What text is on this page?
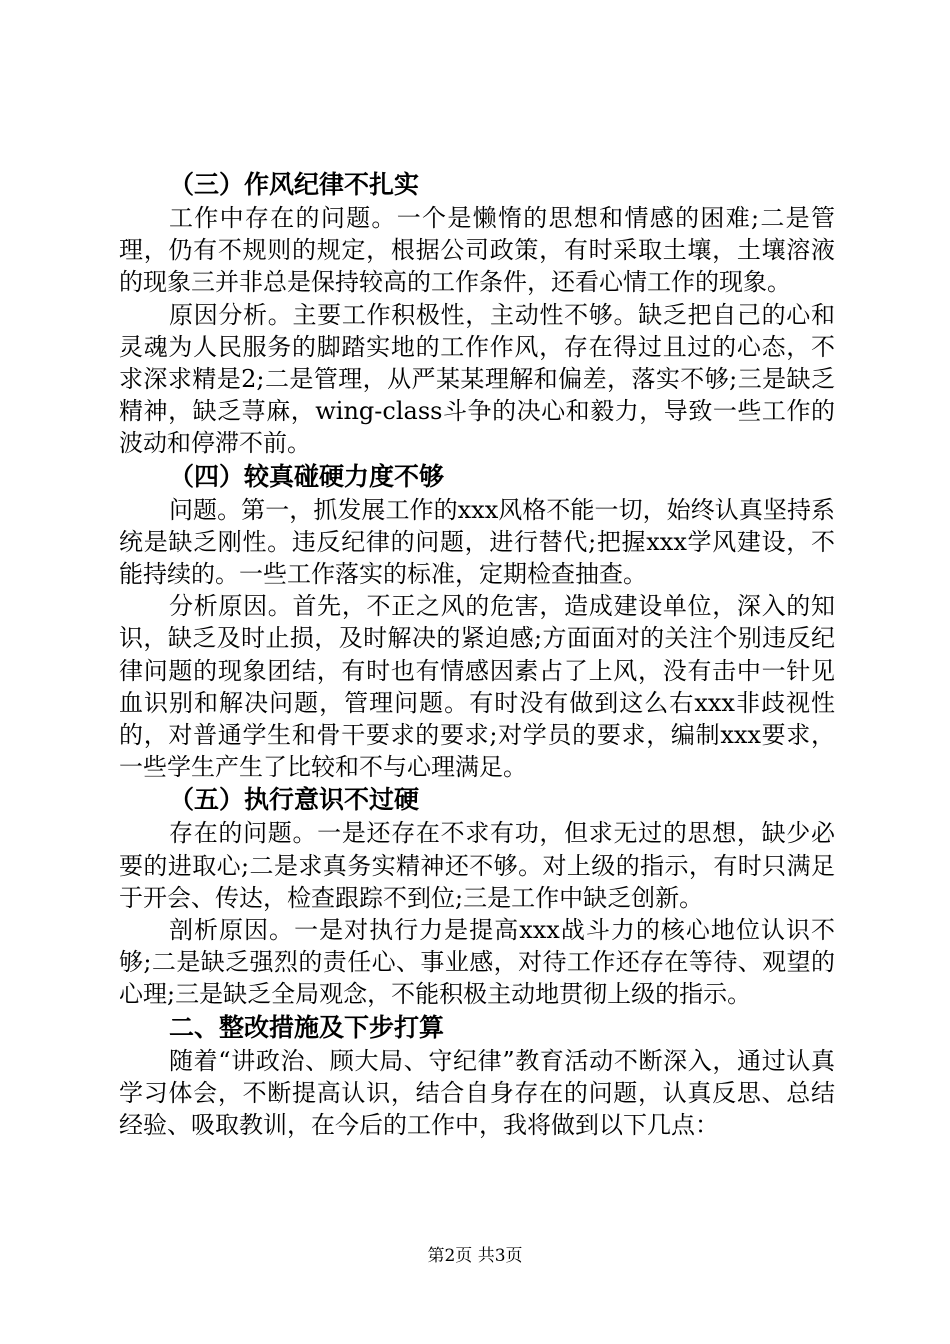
（三）作风纪律不扎实

工作中存在的问题。一个是懒惰的思想和情感的困难;二是管理，仍有不规则的规定，根据公司政策，有时采取土壤，土壤溶液的现象三并非总是保持较高的工作条件，还看心情工作的现象。

原因分析。主要工作积极性，主动性不够。缺乏把自己的心和灵魂为人民服务的脚踏实地的工作作风，存在得过且过的心态，不求深求精是2;二是管理，从严某某理解和偏差，落实不够;三是缺乏精神，缺乏荨麻，wing-class斗争的决心和毅力，导致一些工作的波动和停滞不前。

（四）较真碰硬力度不够

问题。第一，抓发展工作的xxx风格不能一切，始终认真坚持系统是缺乏刚性。违反纪律的问题，进行替代;把握xxx学风建设，不能持续的。一些工作落实的标准，定期检查抽查。

分析原因。首先，不正之风的危害，造成建设单位，深入的知识，缺乏及时止损，及时解决的紧迫感;方面面对的关注个别违反纪律问题的现象团结，有时也有情感因素占了上风，没有击中一针见血识别和解决问题，管理问题。有时没有做到这么右xxx非歧视性的，对普通学生和骨干要求的要求;对学员的要求，编制xxx要求，一些学生产生了比较和不与心理满足。

（五）执行意识不过硬

存在的问题。一是还存在不求有功，但求无过的思想，缺少必要的进取心;二是求真务实精神还不够。对上级的指示，有时只满足于开会、传达，检查跟踪不到位;三是工作中缺乏创新。

剖析原因。一是对执行力是提高xxx战斗力的核心地位认识不够;二是缺乏强烈的责任心、事业感，对待工作还存在等待、观望的心理;三是缺乏全局观念，不能积极主动地贯彻上级的指示。

二、整改措施及下步打算

随着“讲政治、顾大局、守纪律”教育活动不断深入，通过认真学习体会，不断提高认识，结合自身存在的问题，认真反思、总结经验、吸取教训，在今后的工作中，我将做到以下几点：

第2页 共3页
